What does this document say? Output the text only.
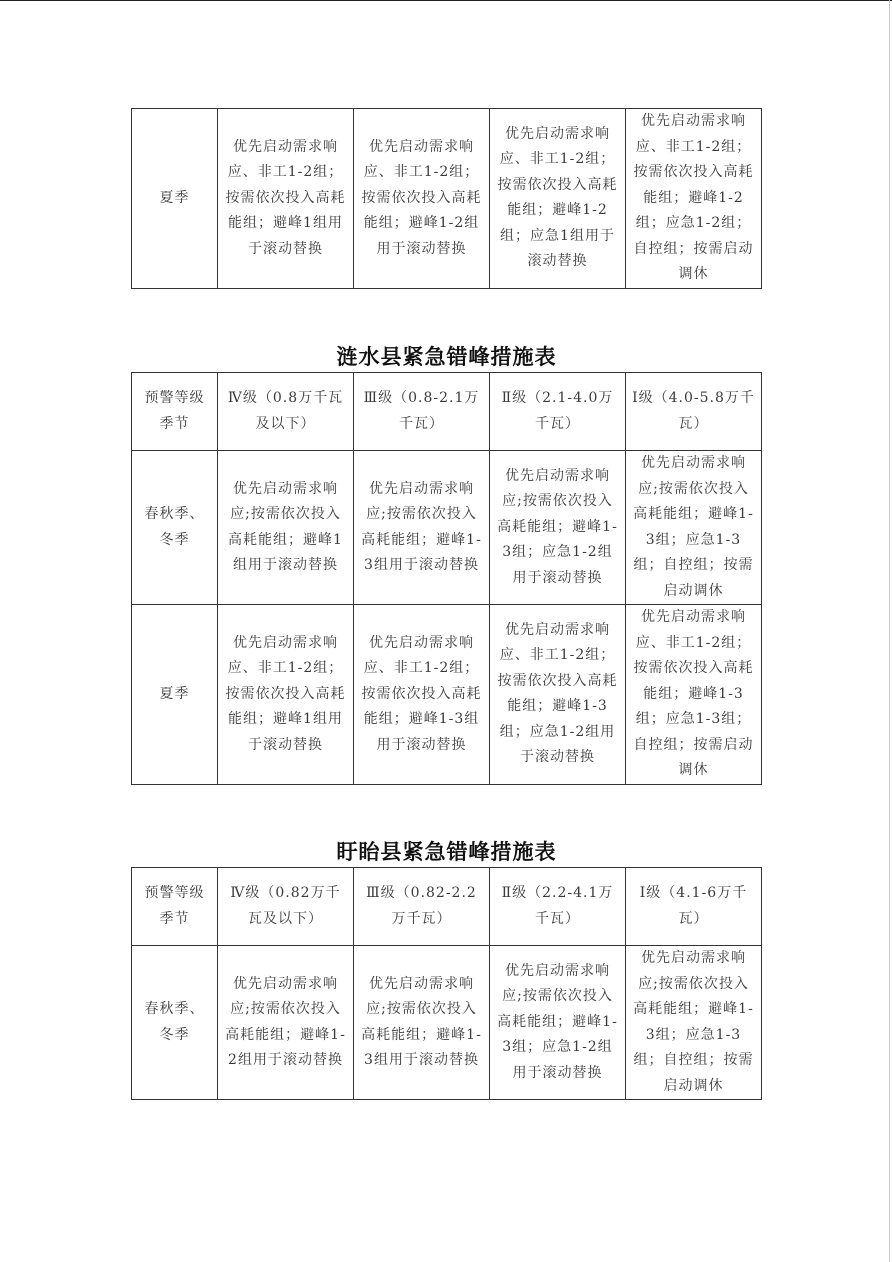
夏季	优先启动需求响应、非工1-2组；按需依次投入高耗能组；避峰1组用于滚动替换	优先启动需求响应、非工1-2组；按需依次投入高耗能组；避峰1-2组用于滚动替换	优先启动需求响应、非工1-2组；按需依次投入高耗能组；避峰1-2组；应急1组用于滚动替换	优先启动需求响应、非工1-2组；按需依次投入高耗能组；避峰1-2组；应急1-2组；自控组；按需启动调休
涟水县紧急错峰措施表
预警等级季节	Ⅳ级（0.8万千瓦及以下）	Ⅲ级（0.8-2.1万千瓦）	Ⅱ级（2.1-4.0万千瓦）	Ⅰ级（4.0-5.8万千瓦）
春秋季、冬季	优先启动需求响应;按需依次投入高耗能组；避峰1组用于滚动替换	优先启动需求响应;按需依次投入高耗能组；避峰1-3组用于滚动替换	优先启动需求响应;按需依次投入高耗能组；避峰1-3组；应急1-2组用于滚动替换	优先启动需求响应;按需依次投入高耗能组；避峰1-3组；应急1-3组；自控组；按需启动调休
夏季	优先启动需求响应、非工1-2组；按需依次投入高耗能组；避峰1组用于滚动替换	优先启动需求响应、非工1-2组；按需依次投入高耗能组；避峰1-3组用于滚动替换	优先启动需求响应、非工1-2组；按需依次投入高耗能组；避峰1-3组；应急1-2组用于滚动替换	优先启动需求响应、非工1-2组；按需依次投入高耗能组；避峰1-3组；应急1-3组；自控组；按需启动调休
盱眙县紧急错峰措施表
预警等级季节	Ⅳ级（0.82万千瓦及以下）	Ⅲ级（0.82-2.2万千瓦）	Ⅱ级（2.2-4.1万千瓦）	Ⅰ级（4.1-6万千瓦）
春秋季、冬季	优先启动需求响应;按需依次投入高耗能组；避峰1-2组用于滚动替换	优先启动需求响应;按需依次投入高耗能组；避峰1-3组用于滚动替换	优先启动需求响应;按需依次投入高耗能组；避峰1-3组；应急1-2组用于滚动替换	优先启动需求响应;按需依次投入高耗能组；避峰1-3组；应急1-3组；自控组；按需启动调休
